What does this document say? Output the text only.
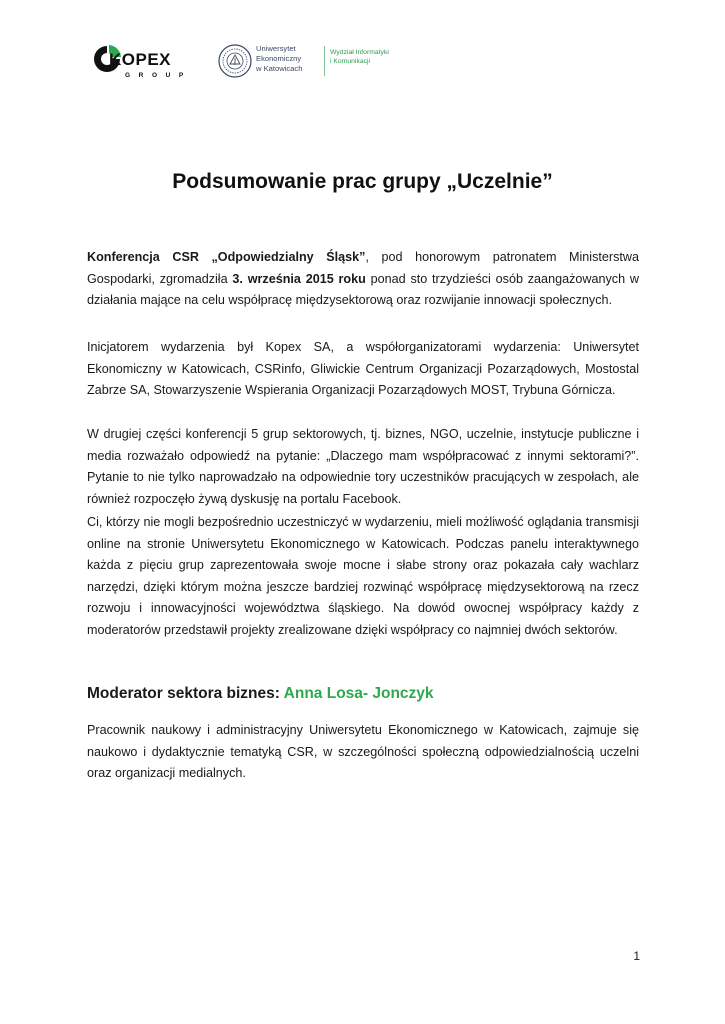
KOPEX
GROUP
Uniwersytet
Ekonomiczny
w Katowicach
Wydział Informatyki
i Komunikacji
Podsumowanie prac grupy „Uczelnie”

Konferencja CSR „Odpowiedzialny Śląsk”, pod honorowym patronatem Ministerstwa Gospodarki, zgromadziła 3. września 2015 roku ponad sto trzydzieści osób zaangażowanych w działania mające na celu współpracę międzysektorową oraz rozwijanie innowacji społecznych.

Inicjatorem wydarzenia był Kopex SA, a współorganizatorami wydarzenia: Uniwersytet Ekonomiczny w Katowicach, CSRinfo, Gliwickie Centrum Organizacji Pozarządowych, Mostostal Zabrze SA, Stowarzyszenie Wspierania Organizacji Pozarządowych MOST, Trybuna Górnicza.

W drugiej części konferencji 5 grup sektorowych, tj. biznes, NGO, uczelnie, instytucje publiczne i media rozważało odpowiedź na pytanie: „Dlaczego mam współpracować z innymi sektorami?”. Pytanie to nie tylko naprowadzało na odpowiednie tory uczestników pracujących w zespołach, ale również rozpoczęło żywą dyskusję na portalu Facebook.

Ci, którzy nie mogli bezpośrednio uczestniczyć w wydarzeniu, mieli możliwość oglądania transmisji online na stronie Uniwersytetu Ekonomicznego w Katowicach. Podczas panelu interaktywnego każda z pięciu grup zaprezentowała swoje mocne i słabe strony oraz pokazała cały wachlarz narzędzi, dzięki którym można jeszcze bardziej rozwinąć współpracę międzysektorową na rzecz rozwoju i innowacyjności województwa śląskiego. Na dowód owocnej współpracy każdy z moderatorów przedstawił projekty zrealizowane dzięki współpracy co najmniej dwóch sektorów.

Moderator sektora biznes: Anna Losa- Jonczyk

Pracownik naukowy i administracyjny Uniwersytetu Ekonomicznego w Katowicach, zajmuje się naukowo i dydaktycznie tematyką CSR, w szczególności społeczną odpowiedzialnością uczelni oraz organizacji medialnych.

1
